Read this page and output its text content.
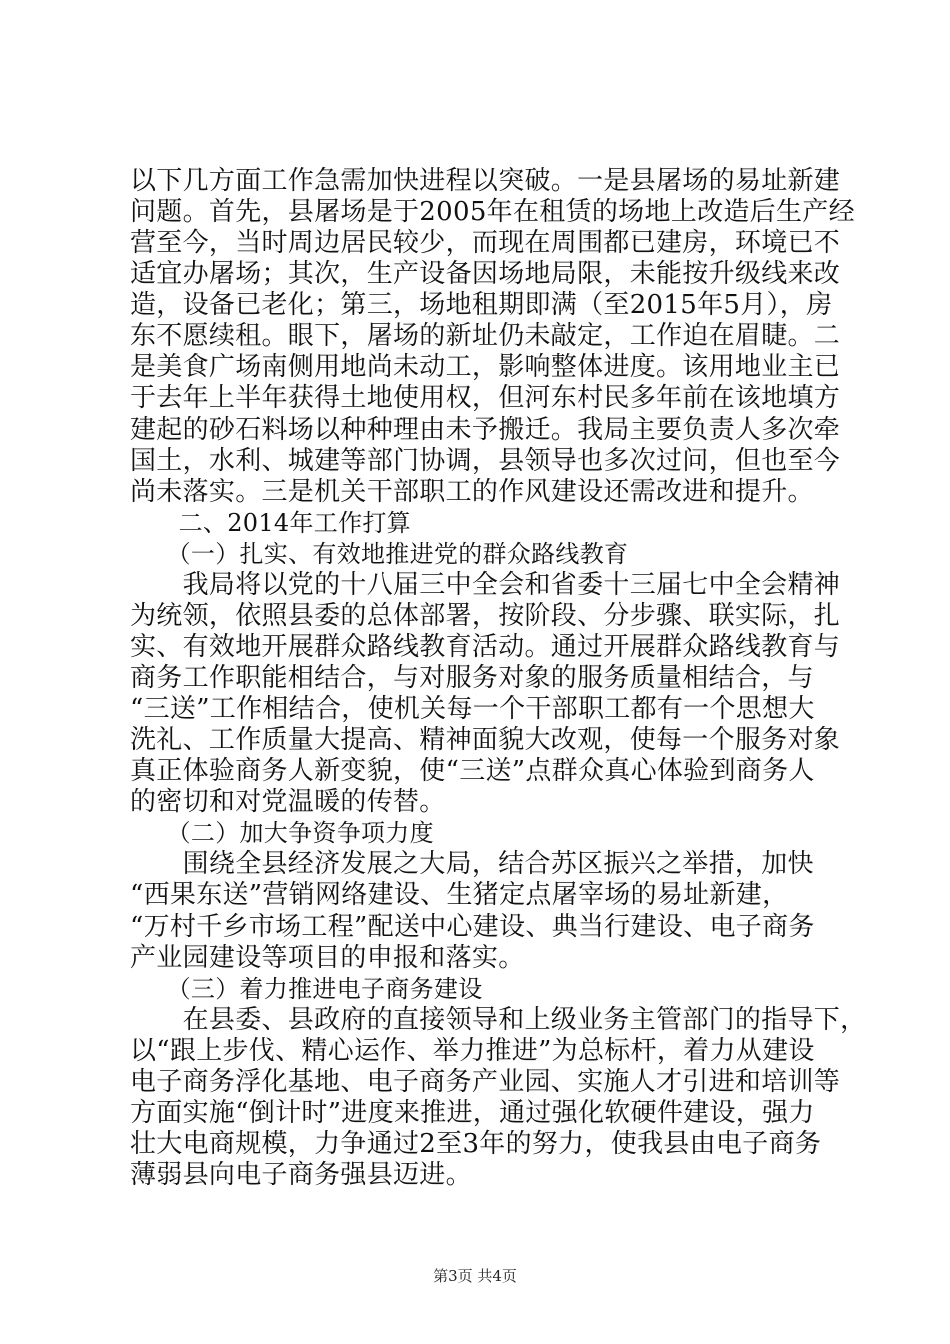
以下几方面工作急需加快进程以突破。一是县屠场的易址新建
问题。首先，县屠场是于2005年在租赁的场地上改造后生产经
营至今，当时周边居民较少，而现在周围都已建房，环境已不
适宜办屠场；其次，生产设备因场地局限，未能按升级线来改
造，设备已老化；第三，场地租期即满（至2015年5月），房
东不愿续租。眼下，屠场的新址仍未敲定，工作迫在眉睫。二
是美食广场南侧用地尚未动工，影响整体进度。该用地业主已
于去年上半年获得土地使用权，但河东村民多年前在该地填方
建起的砂石料场以种种理由未予搬迁。我局主要负责人多次牵
国土，水利、城建等部门协调，县领导也多次过问，但也至今
尚未落实。三是机关干部职工的作风建设还需改进和提升。
　　二、2014年工作打算
　　（一）扎实、有效地推进党的群众路线教育
　　我局将以党的十八届三中全会和省委十三届七中全会精神
为统领，依照县委的总体部署，按阶段、分步骤、联实际，扎
实、有效地开展群众路线教育活动。通过开展群众路线教育与
商务工作职能相结合，与对服务对象的服务质量相结合，与
“三送”工作相结合，使机关每一个干部职工都有一个思想大
洗礼、工作质量大提高、精神面貌大改观，使每一个服务对象
真正体验商务人新变貌，使“三送”点群众真心体验到商务人
的密切和对党温暖的传替。
　　（二）加大争资争项力度
　　围绕全县经济发展之大局，结合苏区振兴之举措，加快
“西果东送”营销网络建设、生猪定点屠宰场的易址新建，
“万村千乡市场工程”配送中心建设、典当行建设、电子商务
产业园建设等项目的申报和落实。
　　（三）着力推进电子商务建设
　　在县委、县政府的直接领导和上级业务主管部门的指导下，
以“跟上步伐、精心运作、举力推进”为总标杆，着力从建设
电子商务浮化基地、电子商务产业园、实施人才引进和培训等
方面实施“倒计时”进度来推进，通过强化软硬件建设，强力
壮大电商规模，力争通过2至3年的努力，使我县由电子商务
薄弱县向电子商务强县迈进。
第3页 共4页
